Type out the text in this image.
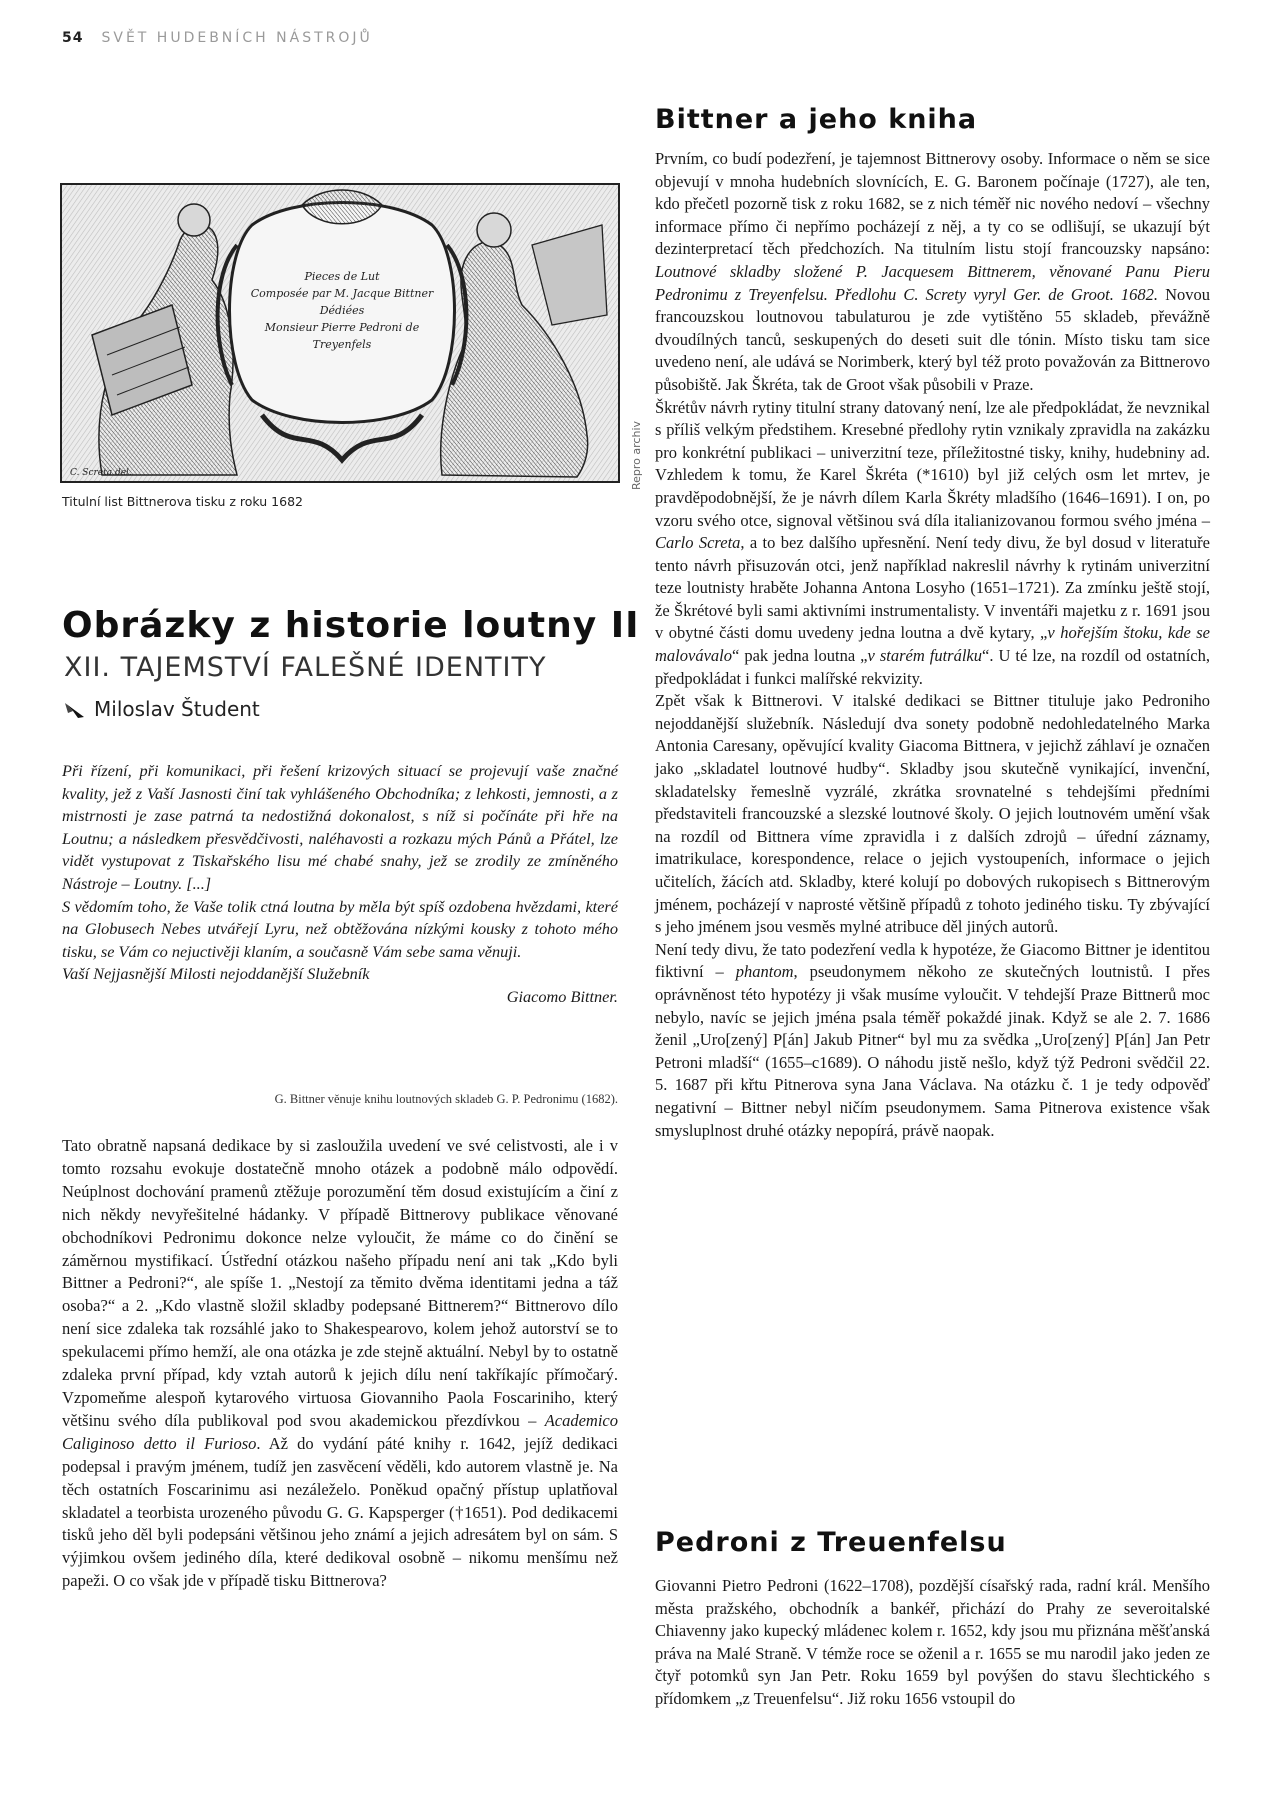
54 SVĚT HUDEBNÍCH NÁSTROJŮ
Pieces de Lut
Composée par M. Jacque Bittner
Dédiées
Monsieur Pierre Pedroni de
Treyenfels
C. Screta del.	Repro archiv
Titulní list Bittnerova tisku z roku 1682
Obrázky z historie loutny II
XII. TAJEMSTVÍ FALEŠNÉ IDENTITY
Miloslav Študent

Při řízení, při komunikaci, při řešení krizových situací se projevují vaše značné kvality, jež z Vaší Jasnosti činí tak vyhlášeného Obchodníka; z lehkosti, jemnosti, a z mistrnosti je zase patrná ta nedostižná dokonalost, s níž si počínáte při hře na Loutnu; a následkem přesvědčivosti, naléhavosti a rozkazu mých Pánů a Přátel, lze vidět vystupovat z Tiskařského lisu mé chabé snahy, jež se zrodily ze zmíněného Nástroje – Loutny. [...]

S vědomím toho, že Vaše tolik ctná loutna by měla být spíš ozdobena hvězdami, které na Globusech Nebes utvářejí Lyru, než obtěžována nízkými kousky z tohoto mého tisku, se Vám co nejuctivěji klaním, a současně Vám sebe sama věnuji.

Vaší Nejjasnější Milosti nejoddanější Služebník

Giacomo Bittner.

G. Bittner věnuje knihu loutnových skladeb G. P. Pedronimu (1682).

Tato obratně napsaná dedikace by si zasloužila uvedení ve své celistvosti, ale i v tomto rozsahu evokuje dostatečně mnoho otázek a podobně málo odpovědí. Neúplnost dochování pramenů ztěžuje porozumění těm dosud existujícím a činí z nich někdy nevyřešitelné hádanky. V případě Bittnerovy publikace věnované obchodníkovi Pedronimu dokonce nelze vyloučit, že máme co do činění se záměrnou mystifikací. Ústřední otázkou našeho případu není ani tak „Kdo byli Bittner a Pedroni?“, ale spíše 1. „Nestojí za těmito dvěma identitami jedna a táž osoba?“ a 2. „Kdo vlastně složil skladby podepsané Bittnerem?“ Bittnerovo dílo není sice zdaleka tak rozsáhlé jako to Shakespearovo, kolem jehož autorství se to spekulacemi přímo hemží, ale ona otázka je zde stejně aktuální. Nebyl by to ostatně zdaleka první případ, kdy vztah autorů k jejich dílu není takříkajíc přímočarý. Vzpomeňme alespoň kytarového virtuosa Giovanniho Paola Foscariniho, který většinu svého díla publikoval pod svou akademickou přezdívkou – Academico Caliginoso detto il Furioso. Až do vydání páté knihy r. 1642, jejíž dedikaci podepsal i pravým jménem, tudíž jen zasvěcení věděli, kdo autorem vlastně je. Na těch ostatních Foscarinimu asi nezáleželo. Poněkud opačný přístup uplatňoval skladatel a teorbista urozeného původu G. G. Kapsperger (†1651). Pod dedikacemi tisků jeho děl byli podepsáni většinou jeho známí a jejich adresátem byl on sám. S výjimkou ovšem jediného díla, které dedikoval osobně – nikomu menšímu než papeži. O co však jde v případě tisku Bittnerova?

Bittner a jeho kniha

Prvním, co budí podezření, je tajemnost Bittnerovy osoby. Informace o něm se sice objevují v mnoha hudebních slovnících, E. G. Baronem počínaje (1727), ale ten, kdo přečetl pozorně tisk z roku 1682, se z nich téměř nic nového nedoví – všechny informace přímo či nepřímo pocházejí z něj, a ty co se odlišují, se ukazují být dezinterpretací těch předchozích. Na titulním listu stojí francouzsky napsáno: Loutnové skladby složené P. Jacquesem Bittnerem, věnované Panu Pieru Pedronimu z Treyenfelsu. Předlohu C. Screty vyryl Ger. de Groot. 1682. Novou francouzskou loutnovou tabulaturou je zde vytištěno 55 skladeb, převážně dvoudílných tanců, seskupených do deseti suit dle tónin. Místo tisku tam sice uvedeno není, ale udává se Norimberk, který byl též proto považován za Bittnerovo působiště. Jak Škréta, tak de Groot však působili v Praze.

Škrétův návrh rytiny titulní strany datovaný není, lze ale předpokládat, že nevznikal s příliš velkým předstihem. Kresebné předlohy rytin vznikaly zpravidla na zakázku pro konkrétní publikaci – univerzitní teze, příležitostné tisky, knihy, hudebniny ad. Vzhledem k tomu, že Karel Škréta (*1610) byl již celých osm let mrtev, je pravděpodobnější, že je návrh dílem Karla Škréty mladšího (1646–1691). I on, po vzoru svého otce, signoval většinou svá díla italianizovanou formou svého jména – Carlo Screta, a to bez dalšího upřesnění. Není tedy divu, že byl dosud v literatuře tento návrh přisuzován otci, jenž například nakreslil návrhy k rytinám univerzitní teze loutnisty hraběte Johanna Antona Losyho (1651–1721). Za zmínku ještě stojí, že Škrétové byli sami aktivními instrumentalisty. V inventáři majetku z r. 1691 jsou v obytné části domu uvedeny jedna loutna a dvě kytary, „v hořejším štoku, kde se malovávalo“ pak jedna loutna „v starém futrálku“. U té lze, na rozdíl od ostatních, předpokládat i funkci malířské rekvizity.

Zpět však k Bittnerovi. V italské dedikaci se Bittner tituluje jako Pedroniho nejoddanější služebník. Následují dva sonety podobně nedohledatelného Marka Antonia Caresany, opěvující kvality Giacoma Bittnera, v jejichž záhlaví je označen jako „skladatel loutnové hudby“. Skladby jsou skutečně vynikající, invenční, skladatelsky řemeslně vyzrálé, zkrátka srovnatelné s tehdejšími předními představiteli francouzské a slezské loutnové školy. O jejich loutnovém umění však na rozdíl od Bittnera víme zpravidla i z dalších zdrojů – úřední záznamy, imatrikulace, korespondence, relace o jejich vystoupeních, informace o jejich učitelích, žácích atd. Skladby, které kolují po dobových rukopisech s Bittnerovým jménem, pocházejí v naprosté většině případů z tohoto jediného tisku. Ty zbývající s jeho jménem jsou vesměs mylné atribuce děl jiných autorů.

Není tedy divu, že tato podezření vedla k hypotéze, že Giacomo Bittner je identitou fiktivní – phantom, pseudonymem někoho ze skutečných loutnistů. I přes oprávněnost této hypotézy ji však musíme vyloučit. V tehdejší Praze Bittnerů moc nebylo, navíc se jejich jména psala téměř pokaždé jinak. Když se ale 2. 7. 1686 ženil „Uro[zený] P[án] Jakub Pitner“ byl mu za svědka „Uro[zený] P[án] Jan Petr Petroni mladší“ (1655–c1689). O náhodu jistě nešlo, když týž Pedroni svědčil 22. 5. 1687 při křtu Pitnerova syna Jana Václava. Na otázku č. 1 je tedy odpověď negativní – Bittner nebyl ničím pseudonymem. Sama Pitnerova existence však smysluplnost druhé otázky nepopírá, právě naopak.

Pedroni z Treuenfelsu

Giovanni Pietro Pedroni (1622–1708), pozdější císařský rada, radní král. Menšího města pražského, obchodník a bankéř, přichází do Prahy ze severoitalské Chiavenny jako kupecký mládenec kolem r. 1652, kdy jsou mu přiznána měšťanská práva na Malé Straně. V témže roce se oženil a r. 1655 se mu narodil jako jeden ze čtyř potomků syn Jan Petr. Roku 1659 byl povýšen do stavu šlechtického s přídomkem „z Treuenfelsu“. Již roku 1656 vstoupil do
